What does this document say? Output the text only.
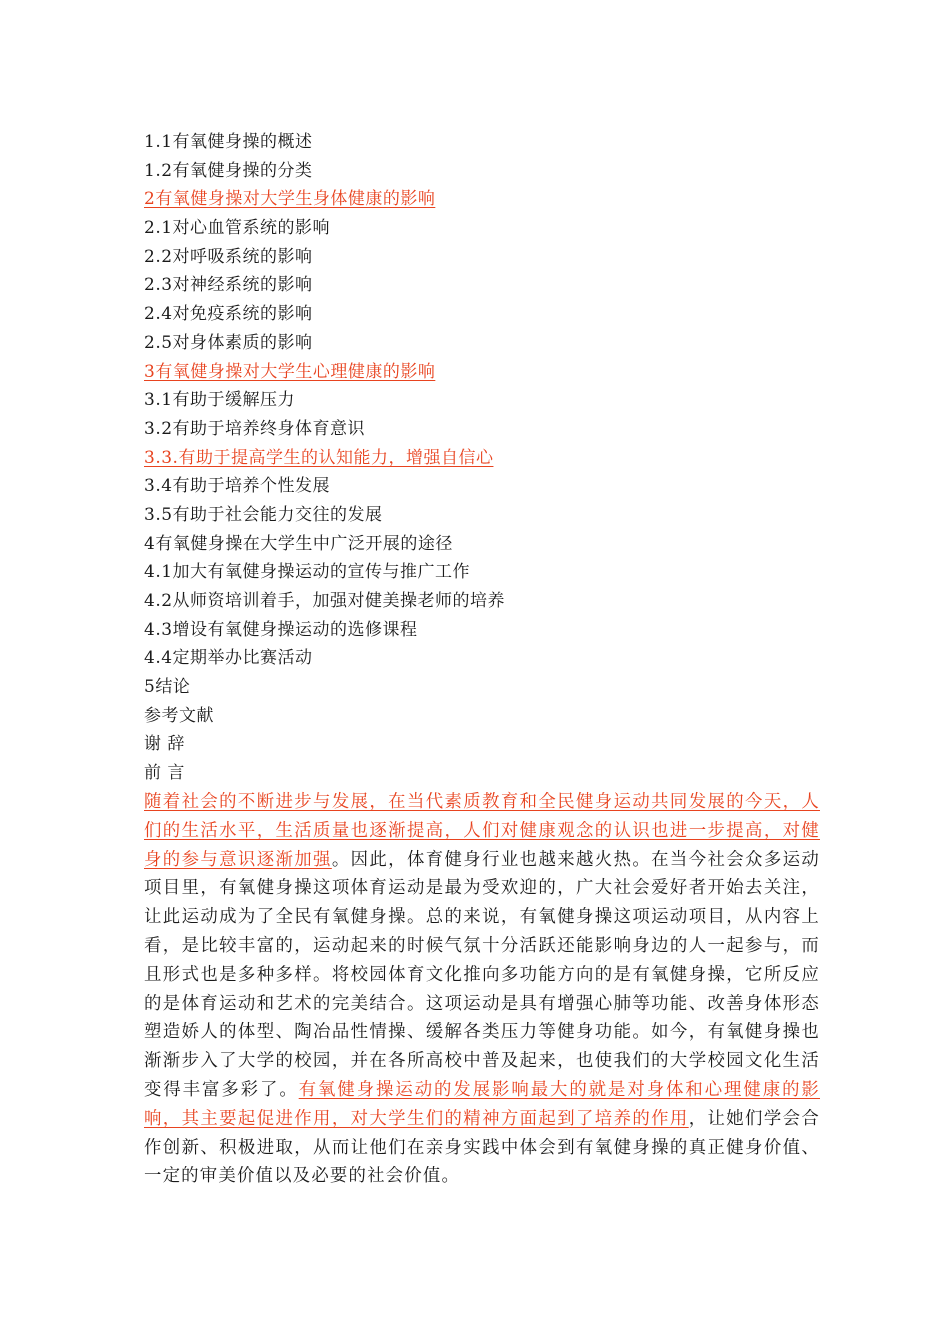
1.1有氧健身操的概述
1.2有氧健身操的分类
2有氧健身操对大学生身体健康的影响
2.1对心血管系统的影响
2.2对呼吸系统的影响
2.3对神经系统的影响
2.4对免疫系统的影响
2.5对身体素质的影响
3有氧健身操对大学生心理健康的影响
3.1有助于缓解压力
3.2有助于培养终身体育意识
3.3.有助于提高学生的认知能力，增强自信心
3.4有助于培养个性发展
3.5有助于社会能力交往的发展
4有氧健身操在大学生中广泛开展的途径
4.1加大有氧健身操运动的宣传与推广工作
4.2从师资培训着手，加强对健美操老师的培养
4.3增设有氧健身操运动的选修课程
4.4定期举办比赛活动
5结论
参考文献
谢 辞
前 言
随着社会的不断进步与发展，在当代素质教育和全民健身运动共同发展的今天，人们的生活水平，生活质量也逐渐提高，人们对健康观念的认识也进一步提高，对健身的参与意识逐渐加强。因此，体育健身行业也越来越火热。在当今社会众多运动项目里，有氧健身操这项体育运动是最为受欢迎的，广大社会爱好者开始去关注，让此运动成为了全民有氧健身操。总的来说，有氧健身操这项运动项目，从内容上看，是比较丰富的，运动起来的时候气氛十分活跃还能影响身边的人一起参与，而且形式也是多种多样。将校园体育文化推向多功能方向的是有氧健身操，它所反应的是体育运动和艺术的完美结合。这项运动是具有增强心肺等功能、改善身体形态塑造娇人的体型、陶冶品性情操、缓解各类压力等健身功能。如今，有氧健身操也渐渐步入了大学的校园，并在各所高校中普及起来，也使我们的大学校园文化生活变得丰富多彩了。有氧健身操运动的发展影响最大的就是对身体和心理健康的影响，其主要起促进作用，对大学生们的精神方面起到了培养的作用，让她们学会合作创新、积极进取，从而让他们在亲身实践中体会到有氧健身操的真正健身价值、一定的审美价值以及必要的社会价值。
